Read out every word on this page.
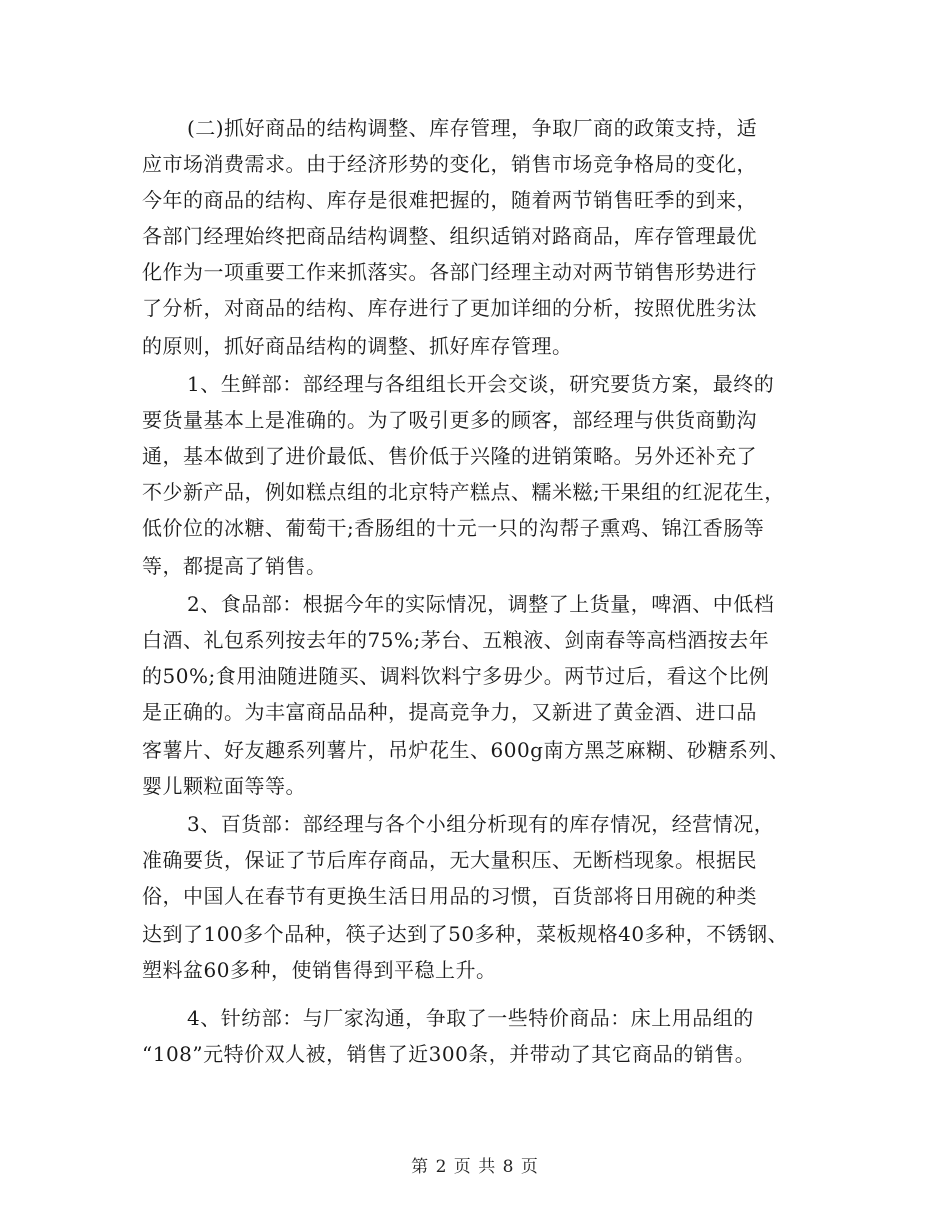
(二)抓好商品的结构调整、库存管理，争取厂商的政策支持，适
应市场消费需求。由于经济形势的变化，销售市场竞争格局的变化，
今年的商品的结构、库存是很难把握的，随着两节销售旺季的到来，
各部门经理始终把商品结构调整、组织适销对路商品，库存管理最优
化作为一项重要工作来抓落实。各部门经理主动对两节销售形势进行
了分析，对商品的结构、库存进行了更加详细的分析，按照优胜劣汰
的原则，抓好商品结构的调整、抓好库存管理。
1、生鲜部：部经理与各组组长开会交谈，研究要货方案，最终的
要货量基本上是准确的。为了吸引更多的顾客，部经理与供货商勤沟
通，基本做到了进价最低、售价低于兴隆的进销策略。另外还补充了
不少新产品，例如糕点组的北京特产糕点、糯米糍;干果组的红泥花生，
低价位的冰糖、葡萄干;香肠组的十元一只的沟帮子熏鸡、锦江香肠等
等，都提高了销售。
2、食品部：根据今年的实际情况，调整了上货量，啤酒、中低档
白酒、礼包系列按去年的75%;茅台、五粮液、剑南春等高档酒按去年
的50%;食用油随进随买、调料饮料宁多毋少。两节过后，看这个比例
是正确的。为丰富商品品种，提高竞争力，又新进了黄金酒、进口品
客薯片、好友趣系列薯片，吊炉花生、600g南方黑芝麻糊、砂糖系列、
婴儿颗粒面等等。
3、百货部：部经理与各个小组分析现有的库存情况，经营情况，
准确要货，保证了节后库存商品，无大量积压、无断档现象。根据民
俗，中国人在春节有更换生活日用品的习惯，百货部将日用碗的种类
达到了100多个品种，筷子达到了50多种，菜板规格40多种，不锈钢、
塑料盆60多种，使销售得到平稳上升。
4、针纺部：与厂家沟通，争取了一些特价商品：床上用品组的
“108”元特价双人被，销售了近300条，并带动了其它商品的销售。
第 2 页 共 8 页
